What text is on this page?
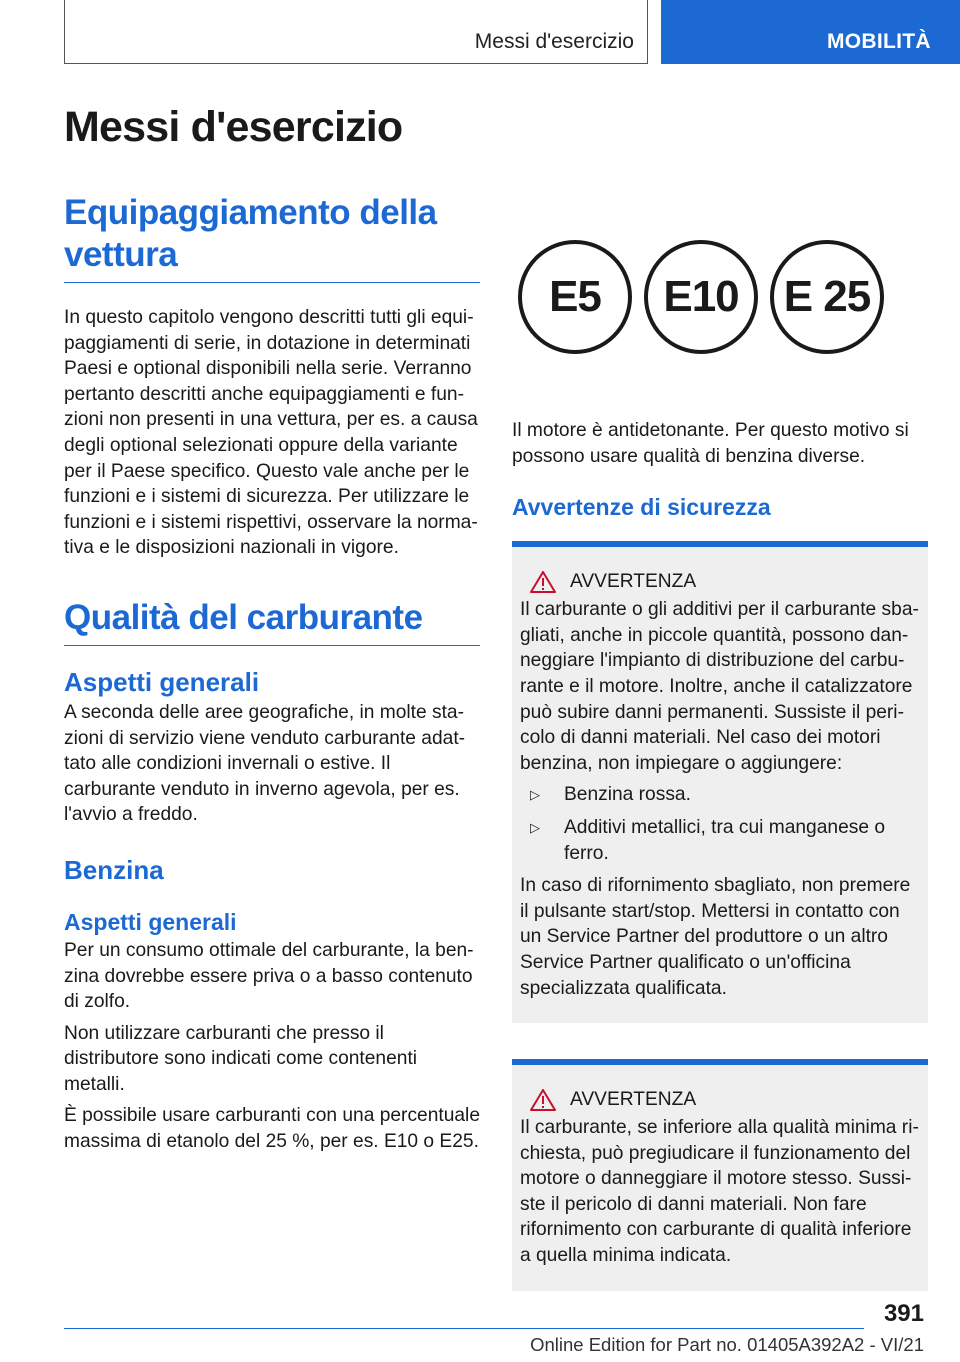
Messi d'esercizio	MOBILITÀ
Messi d'esercizio
Equipaggiamento della vettura

In questo capitolo vengono descritti tutti gli equipaggiamenti di serie, in dotazione in determinati Paesi e optional disponibili nella serie. Verranno pertanto descritti anche equipaggiamenti e funzioni non presenti in una vettura, per es. a causa degli optional selezionati oppure della variante per il Paese specifico. Questo vale anche per le funzioni e i sistemi di sicurezza. Per utilizzare le funzioni e i sistemi rispettivi, osservare la normativa e le disposizioni nazionali in vigore.

Qualità del carburante
Aspetti generali

A seconda delle aree geografiche, in molte stazioni di servizio viene venduto carburante adattato alle condizioni invernali o estive. Il carburante venduto in inverno agevola, per es. l'avvio a freddo.

Benzina
Aspetti generali

Per un consumo ottimale del carburante, la benzina dovrebbe essere priva o a basso contenuto di zolfo.

Non utilizzare carburanti che presso il distributore sono indicati come contenenti metalli.

È possibile usare carburanti con una percentuale massima di etanolo del 25 %, per es. E10 o E25.

E5	E10	E 25

Il motore è antidetonante. Per questo motivo si possono usare qualità di benzina diverse.

Avvertenze di sicurezza
AVVERTENZA

Il carburante o gli additivi per il carburante sbagliati, anche in piccole quantità, possono danneggiare l'impianto di distribuzione del carburante e il motore. Inoltre, anche il catalizzatore può subire danni permanenti. Sussiste il pericolo di danni materiali. Nel caso dei motori benzina, non impiegare o aggiungere:

▷	Benzina rossa.
▷	Additivi metallici, tra cui manganese o ferro.

In caso di rifornimento sbagliato, non premere il pulsante start/stop. Mettersi in contatto con un Service Partner del produttore o un altro Service Partner qualificato o un'officina specializzata qualificata.

AVVERTENZA

Il carburante, se inferiore alla qualità minima richiesta, può pregiudicare il funzionamento del motore o danneggiare il motore stesso. Sussiste il pericolo di danni materiali. Non fare rifornimento con carburante di qualità inferiore a quella minima indicata.

391
Online Edition for Part no. 01405A392A2 - VI/21
